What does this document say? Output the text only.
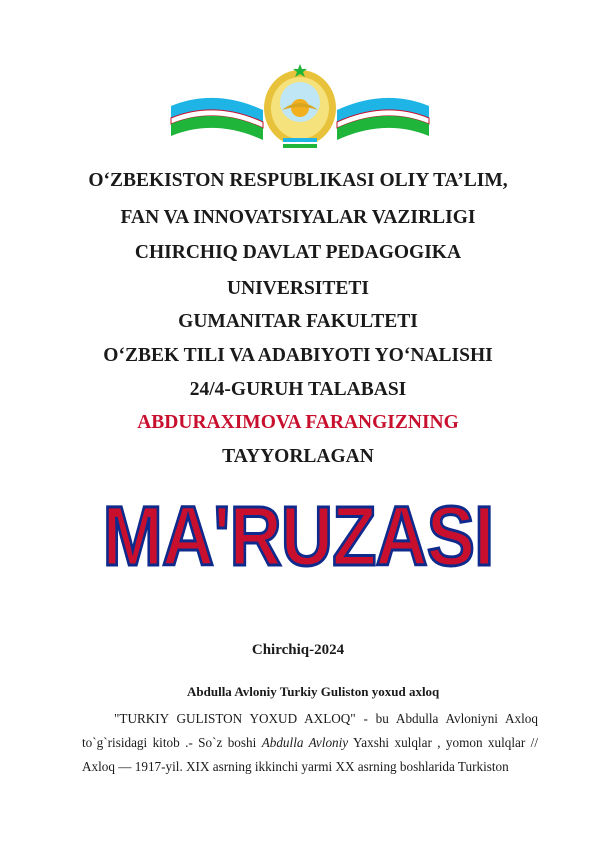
O‘ZBEKISTON RESPUBLIKASI OLIY TA’LIM,
FAN VA INNOVATSIYALAR VAZIRLIGI
CHIRCHIQ DAVLAT PEDAGOGIKA
UNIVERSITETI
GUMANITAR FAKULTETI
O‘ZBEK TILI VA ADABIYOTI YO‘NALISHI
24/4-GURUH TALABASI
ABDURAXIMOVA FARANGIZNING
TAYYORLAGAN
MA'RUZASI
Chirchiq-2024
Abdulla Avloniy Turkiy Guliston yoxud axloq
"TURKIY GULISTON YOXUD AXLOQ" - bu Abdulla Avloniyni Axloq to`g`risidagi kitob .- So`z boshi Abdulla Avloniy Yaxshi xulqlar , yomon xulqlar // Axloq — 1917-yil. XIX asrning ikkinchi yarmi XX asrning boshlarida Turkiston
